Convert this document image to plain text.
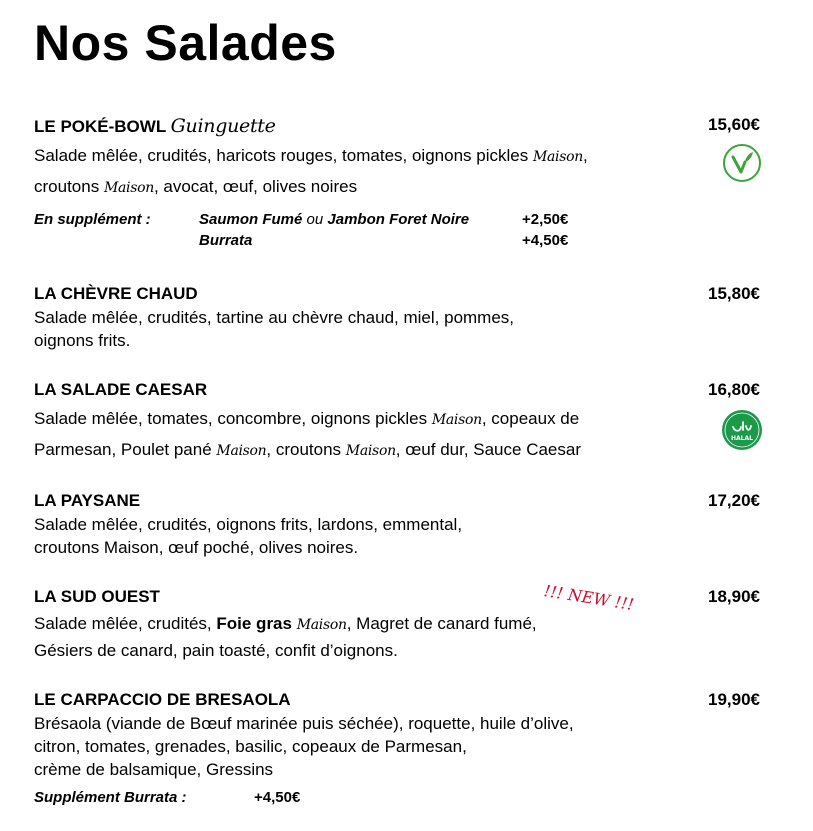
Nos Salades
LE POKÉ-BOWL Guinguette	15,60€
Salade mêlée, crudités, haricots rouges, tomates, oignons pickles Maison,
croutons Maison, avocat, œuf, olives noires
En supplément :	Saumon Fumé ou Jambon Foret Noire	+2,50€
Burrata	+4,50€
LA CHÈVRE CHAUD	15,80€
Salade mêlée, crudités, tartine au chèvre chaud, miel, pommes,
oignons frits.
LA SALADE CAESAR	16,80€
Salade mêlée, tomates, concombre, oignons pickles Maison, copeaux de
Parmesan, Poulet pané Maison, croutons Maison, œuf dur, Sauce Caesar
HALAL
LA PAYSANE	17,20€
Salade mêlée, crudités, oignons frits, lardons, emmental,
croutons Maison, œuf poché, olives noires.
LA SUD OUEST	!!! NEW !!!	18,90€
Salade mêlée, crudités, Foie gras Maison, Magret de canard fumé,
Gésiers de canard, pain toasté, confit d’oignons.
LE CARPACCIO DE BRESAOLA	19,90€
Brésaola (viande de Bœuf marinée puis séchée), roquette, huile d’olive,
citron, tomates, grenades, basilic, copeaux de Parmesan,
crème de balsamique, Gressins
Supplément Burrata :	+4,50€
